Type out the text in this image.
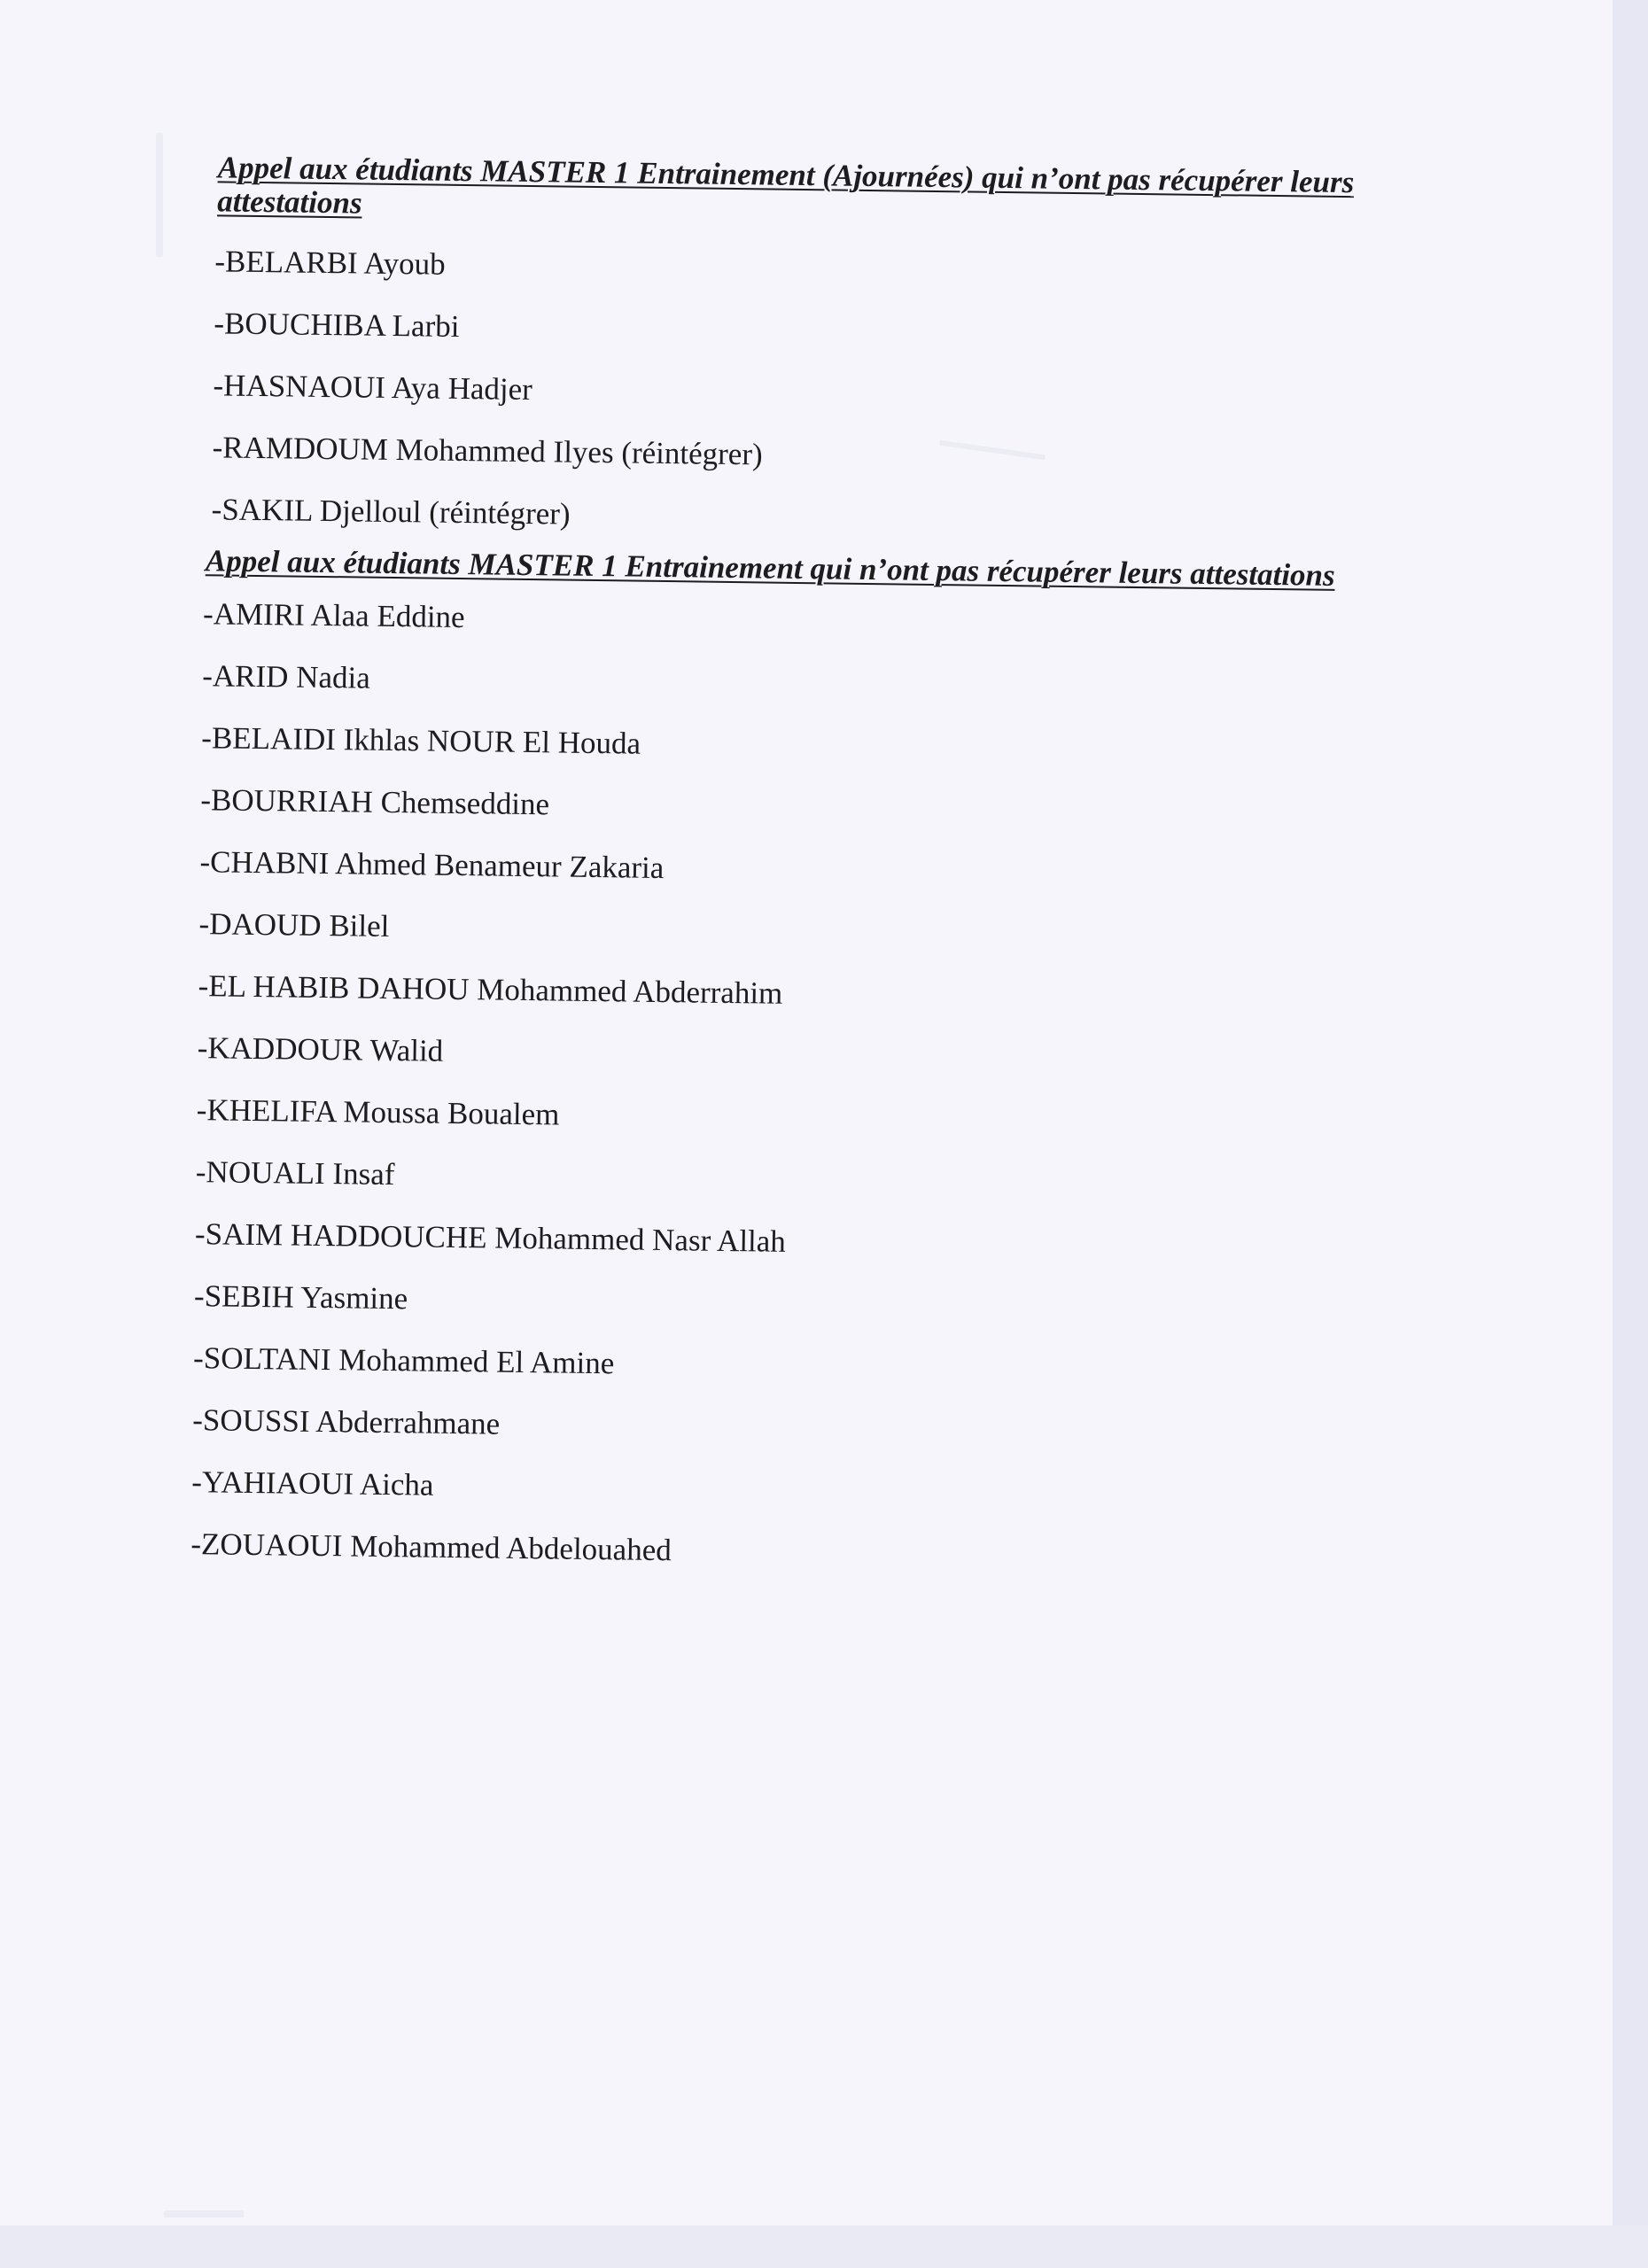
Appel aux étudiants MASTER 1 Entrainement (Ajournées) qui n’ont pas récupérer leurs attestations

-BELARBI Ayoub
-BOUCHIBA Larbi
-HASNAOUI Aya Hadjer
-RAMDOUM Mohammed Ilyes (réintégrer)
-SAKIL Djelloul (réintégrer)

Appel aux étudiants MASTER 1 Entrainement qui n’ont pas récupérer leurs attestations

-AMIRI Alaa Eddine
-ARID Nadia
-BELAIDI Ikhlas NOUR El Houda
-BOURRIAH Chemseddine
-CHABNI Ahmed Benameur Zakaria
-DAOUD Bilel
-EL HABIB DAHOU Mohammed Abderrahim
-KADDOUR Walid
-KHELIFA Moussa Boualem
-NOUALI Insaf
-SAIM HADDOUCHE Mohammed Nasr Allah
-SEBIH Yasmine
-SOLTANI Mohammed El Amine
-SOUSSI Abderrahmane
-YAHIAOUI Aicha
-ZOUAOUI Mohammed Abdelouahed
